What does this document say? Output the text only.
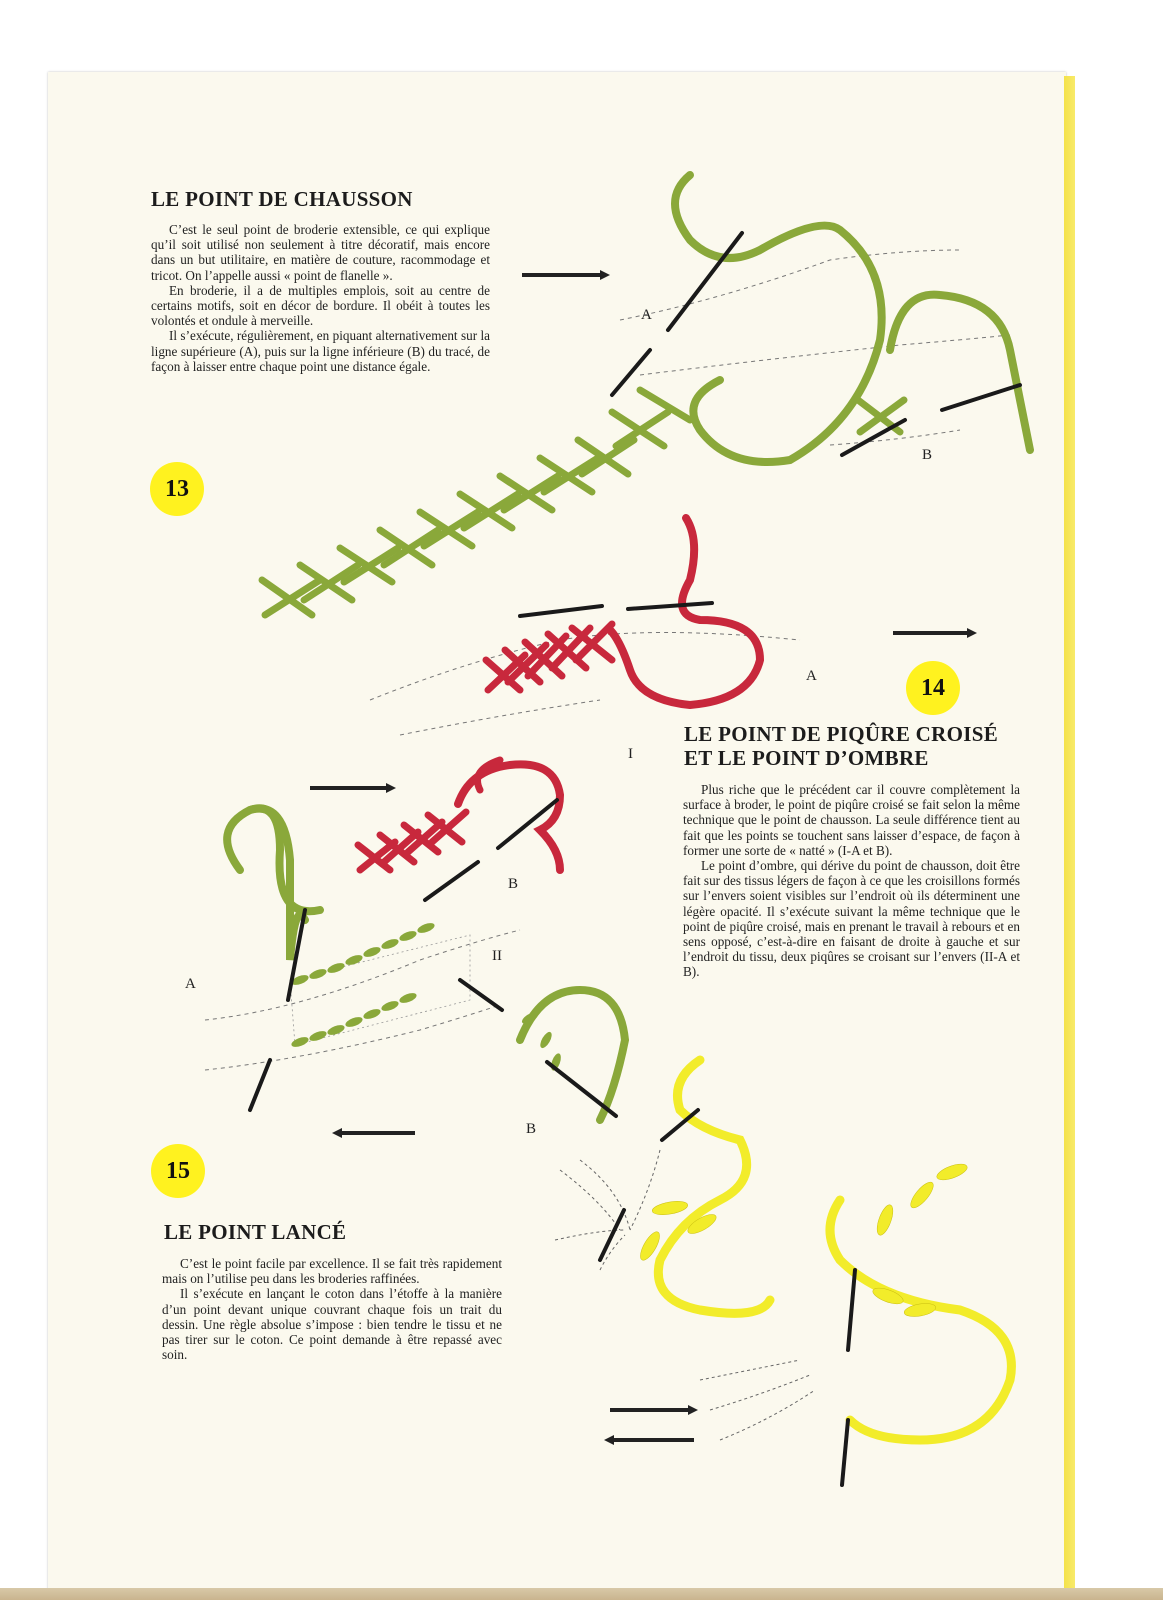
A
B
A
I
B
II
A
B
LE POINT DE CHAUSSON

C’est le seul point de broderie extensible, ce qui explique qu’il soit utilisé non seulement à titre décoratif, mais encore dans un but utilitaire, en matière de couture, racommodage et tricot. On l’appelle aussi « point de flanelle ».

En broderie, il a de multiples emplois, soit au centre de certains motifs, soit en décor de bordure. Il obéit à toutes les volontés et ondule à merveille.

Il s’exécute, régulièrement, en piquant alternativement sur la ligne supérieure (A), puis sur la ligne inférieure (B) du tracé, de façon à laisser entre chaque point une distance égale.

13
14
LE POINT DE PIQÛRE CROISÉ
ET LE POINT D’OMBRE

Plus riche que le précédent car il couvre complètement la surface à broder, le point de piqûre croisé se fait selon la même technique que le point de chausson. La seule différence tient au fait que les points se touchent sans laisser d’espace, de façon à former une sorte de « natté » (I-A et B).

Le point d’ombre, qui dérive du point de chausson, doit être fait sur des tissus légers de façon à ce que les croisillons formés sur l’envers soient visibles sur l’endroit où ils déterminent une légère opacité. Il s’exécute suivant la même technique que le point de piqûre croisé, mais en prenant le travail à rebours et en sens opposé, c’est-à-dire en faisant de droite à gauche et sur l’endroit du tissu, deux piqûres se croisant sur l’envers (II-A et B).

15
LE POINT LANCÉ

C’est le point facile par excellence. Il se fait très rapidement mais on l’utilise peu dans les broderies raffinées.

Il s’exécute en lançant le coton dans l’étoffe à la manière d’un point devant unique couvrant chaque fois un trait du dessin. Une règle absolue s’impose : bien tendre le tissu et ne pas tirer sur le coton. Ce point demande à être repassé avec soin.
